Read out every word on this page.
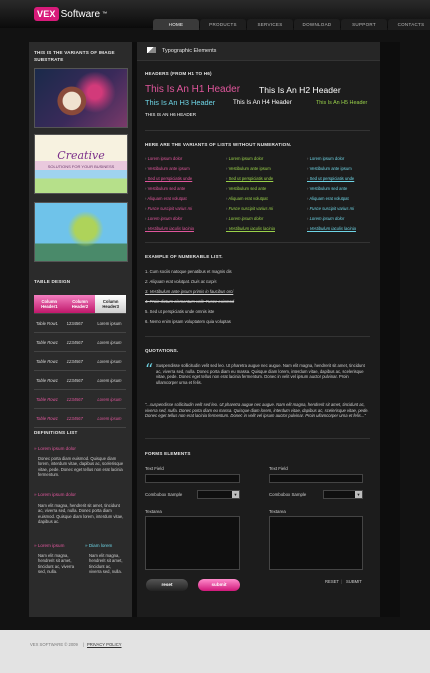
VEX Software ™
HOME	PRODUCTS	SERVICES	DOWNLOAD	SUPPORT	CONTACTS
THIS IS THE VARIANTS OF IMAGE SUBSTRATE
Creative
SOLUTIONS FOR YOUR BUSINESS
TABLE DESIGN
Column Header1	Column Header2	Column Header3
Table Row1	1234567	Lorem ipsum
Table Row1	1234567	Lorem ipsum
Table Row1	1234567	Lorem ipsum
Table Row1	1234567	Lorem ipsum
Table Row1	1234567	Lorem ipsum
Table Row1	1234567	Lorem ipsum
DEFINITIONS LIST
» Lorem ipsum dolor
Donec porta diam euismod. Quisque diam lorem, interdum vitae, dapibus ac, scelerisque vitae, pede. Donec eget tellus non erat lacinia fermentum.
» Lorem ipsum dolor
Nam elit magna, hendrerit sit amet, tincidunt ac, viverra sed, nulla. Donec porta diam euismod. Quisque diam lorem, interdum vitae, dapibus ac.
» Lorem ipsum
Nam elit magna, hendrerit sit amet, tincidunt ac, viverra sed, nulla.
» Diam lorem
Nam elit magna, hendrerit sit amet, tincidunt ac, viverra sed, nulla.
Typographic Elements
HEADERS (FROM H1 TO H6)
This Is An H1 Header This Is An H2 Header
This Is An H3 Header	This Is An H4 Header	This Is An H5 Header
THIS IS AN H6 HEADER
HERE ARE THE VARIANTS OF LISTS WITHOUT NUMERATION.
› Lorem ipsum dolor
› Vestibulum ante ipsum
› Sed ut perspiciatis unde
› Vestibulum sed ante
› Aliquam erat volutpat
› Fusce suscipit varius mi
› Lorem ipsum dolor
› Vestibulum iaculis lacinia
› Lorem ipsum dolor
› Vestibulum ante ipsum
› Sed ut perspiciatis unde
› Vestibulum sed ante
› Aliquam erat volutpat
› Fusce suscipit varius mi
› Lorem ipsum dolor
› Vestibulum iaculis lacinia
› Lorem ipsum dolor
› Vestibulum ante ipsum
› Sed ut perspiciatis unde
› Vestibulum sed ante
› Aliquam erat volutpat
› Fusce suscipit varius mi
› Lorem ipsum dolor
› Vestibulum iaculis lacinia
EXAMPLE OF NUMERABLE LIST.
1. Cum sociis natoque penatibus et magnis dis
2. Aliquam erat volutpat. Duis ac turpis
3. Vestibulum ante ipsum primis in faucibus orci
4. Proin dictum elementum velit. Fusce euismod
5. Sed ut perspiciatis unde omnis iste
6. Nemo enim ipsam voluptatem quia voluptas
QUOTATIONS.
“ Suspendisse sollicitudin velit sed leo. Ut pharetra augue nec augue. Nam elit magna, hendrerit sit amet, tincidunt ac, viverra sed, nulla. Donec porta diam eu massa. Quisque diam lorem, interdum vitae, dapibus ac, scelerisque vitae, pede. Donec eget tellus non erat lacinia fermentum. Donec in velit vel ipsum auctor pulvinar. Proin ullamcorper urna et felis.
"...suspendisse sollicitudin velit sed leo. Ut pharetra augue nec augue. Nam elit magna, hendrerit sit amet, tincidunt ac, viverra sed, nulla. Donec porta diam eu massa. Quisque diam lorem, interdum vitae, dapibus ac, scelerisque vitae, pede. Donec eget tellus non erat lacinia fermentum. Donec in velit vel ipsum auctor pulvinar. Proin ullamcorper urna et felis..."
FORMS ELEMENTS
Text Field	Text Field
Combobox Sample	▼	Combobox Sample	▼
Textarea	Textarea
reset	submit
RESET | SUBMIT
VEX SOFTWARE © 2009 | PRIVACY POLICY
